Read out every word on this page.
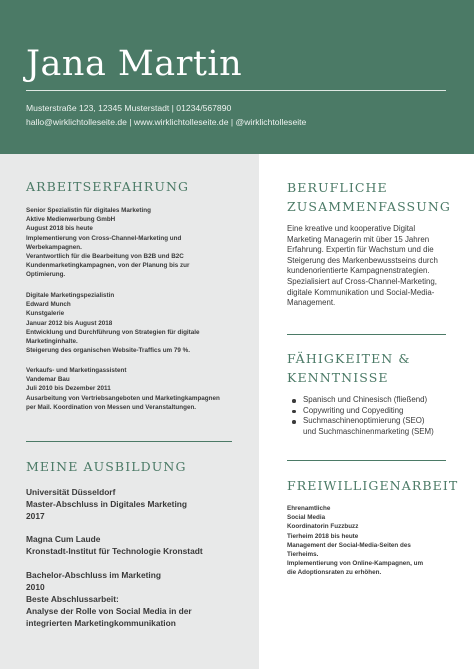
Jana Martin
Musterstraße 123, 12345 Musterstadt | 01234/567890
hallo@wirklichtolleseite.de | www.wirklichtolleseite.de | @wirklichtolleseite
ARBEITSERFAHRUNG
Senior Spezialistin für digitales Marketing
Aktive Medienwerbung GmbH
August 2018 bis heute
Implementierung von Cross-Channel-Marketing und
Werbekampagnen.
Verantwortlich für die Bearbeitung von B2B und B2C
Kundenmarketingkampagnen, von der Planung bis zur
Optimierung.
Digitale Marketingspezialistin
Edward Munch
Kunstgalerie
Januar 2012 bis August 2018
Entwicklung und Durchführung von Strategien für digitale
Marketinginhalte.
Steigerung des organischen Website-Traffics um 79 %.
Verkaufs- und Marketingassistent
Vandemar Bau
Juli 2010 bis Dezember 2011
Ausarbeitung von Vertriebsangeboten und Marketingkampagnen
per Mail. Koordination von Messen und Veranstaltungen.
MEINE AUSBILDUNG
Universität Düsseldorf
Master-Abschluss in Digitales Marketing
2017
Magna Cum Laude
Kronstadt-Institut für Technologie Kronstadt
Bachelor-Abschluss im Marketing
2010
Beste Abschlussarbeit:
Analyse der Rolle von Social Media in der
integrierten Marketingkommunikation
BERUFLICHE
ZUSAMMENFASSUNG
Eine kreative und kooperative Digital
Marketing Managerin mit über 15 Jahren
Erfahrung. Expertin für Wachstum und die
Steigerung des Markenbewusstseins durch
kundenorientierte Kampagnenstrategien.
Spezialisiert auf Cross-Channel-Marketing,
digitale Kommunikation und Social-Media-
Management.
FÄHIGKEITEN &
KENNTNISSE
Spanisch und Chinesisch (fließend)
Copywriting und Copyediting
Suchmaschinenoptimierung (SEO)
und Suchmaschinenmarketing (SEM)
FREIWILLIGENARBEIT
Ehrenamtliche
Social Media
Koordinatorin Fuzzbuzz
Tierheim 2018 bis heute
Management der Social-Media-Seiten des
Tierheims.
Implementierung von Online-Kampagnen, um
die Adoptionsraten zu erhöhen.
